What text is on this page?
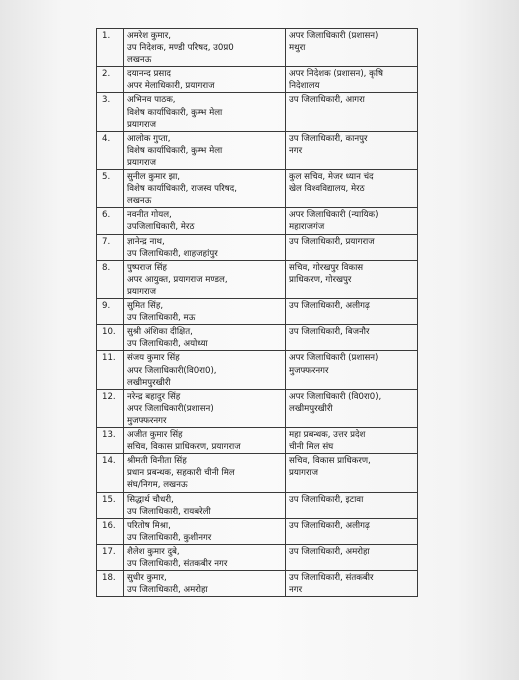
1.	अमरेश कुमार,
उप निदेशक, मण्डी परिषद, उ0प्र0
लखनऊ	अपर जिलाधिकारी (प्रशासन)
मथुरा

2.	दयानन्द प्रसाद
अपर मेलाधिकारी, प्रयागराज	अपर निदेशक (प्रशासन), कृषि
निदेशालय

3.	अभिनव पाठक,
विशेष कार्याधिकारी, कुम्भ मेला
प्रयागराज	उप जिलाधिकारी, आगरा

4.	आलोक गुप्ता,
विशेष कार्याधिकारी, कुम्भ मेला
प्रयागराज	उप जिलाधिकारी, कानपुर
नगर

5.	सुनील कुमार झा,
विशेष कार्याधिकारी, राजस्व परिषद,
लखनऊ	कुल सचिव, मेजर ध्यान चंद
खेल विश्वविद्यालय, मेरठ

6.	नवनीत गोयल,
उपजिलाधिकारी, मेरठ	अपर जिलाधिकारी (न्यायिक)
महाराजगंज

7.	ज्ञानेन्द्र नाथ,
उप जिलाधिकारी, शाहजहांपुर	उप जिलाधिकारी, प्रयागराज

8.	पुष्पराज सिंह
अपर आयुक्त, प्रयागराज मण्डल,
प्रयागराज	सचिव, गोरखपुर विकास
प्राधिकरण, गोरखपुर

9.	सुमित सिंह,
उप जिलाधिकारी, मऊ	उप जिलाधिकारी, अलीगढ़

10.	सुश्री अंशिका दीक्षित,
उप जिलाधिकारी, अयोध्या	उप जिलाधिकारी, बिजनौर

11.	संजय कुमार सिंह
अपर जिलाधिकारी(वि0रा0),
लखीमपुरखीरी	अपर जिलाधिकारी (प्रशासन)
मुजफ्फरनगर

12.	नरेन्द्र बहादुर सिंह
अपर जिलाधिकारी(प्रशासन)
मुजफ्फरनगर	अपर जिलाधिकारी (वि0रा0),
लखीमपुरखीरी

13.	अजीत कुमार सिंह
सचिव, विकास प्राधिकरण, प्रयागराज	महा प्रबन्धक, उत्तर प्रदेश
चीनी मिल संघ

14.	श्रीमती विनीता सिंह
प्रधान प्रबन्धक, सहकारी चीनी मिल
संघ/निगम, लखनऊ	सचिव, विकास प्राधिकरण,
प्रयागराज

15.	सिद्धार्थ चौधरी,
उप जिलाधिकारी, रायबरेली	उप जिलाधिकारी, इटावा

16.	परितोष मिश्रा,
उप जिलाधिकारी, कुशीनगर	उप जिलाधिकारी, अलीगढ़

17.	शैलेश कुमार दुबे,
उप जिलाधिकारी, संतकबीर नगर	उप जिलाधिकारी, अमरोहा

18.	सुधीर कुमार,
उप जिलाधिकारी, अमरोहा	उप जिलाधिकारी, संतकबीर
नगर
